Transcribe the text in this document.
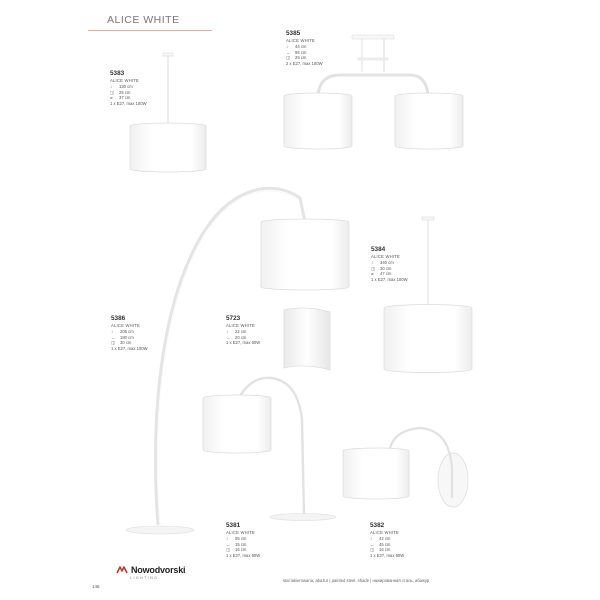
ALICE WHITE
5383
ALICE WHITE
↕	130 cm
◫	25 cm
⌀	37 cm
1 x E27, max 100W
5385
ALICE WHITE
↕	44 cm
↔	95 cm
◫	25 cm
2 x E27, max 100W
5384
ALICE WHITE
↕	340 cm
◫	30 cm
⌀	47 cm
1 x E27, max 100W
5386
ALICE WHITE
↕	205 cm
↔	180 cm
◫	30 cm
1 x E27, max 100W
5723
ALICE WHITE
↕	22 cm
↔	20 cm
1 x E27, max 60W
5381
ALICE WHITE
↕	55 cm
↔	15 cm
◫	16 cm
1 x E27, max 60W
5382
ALICE WHITE
↕	42 cm
↔	45 cm
◫	16 cm
1 x E27, max 60W
Nowodvorski
LIGHTING
146
stal lakierowana, abażur | painted steel, shade | нажированная сталь, абажур
